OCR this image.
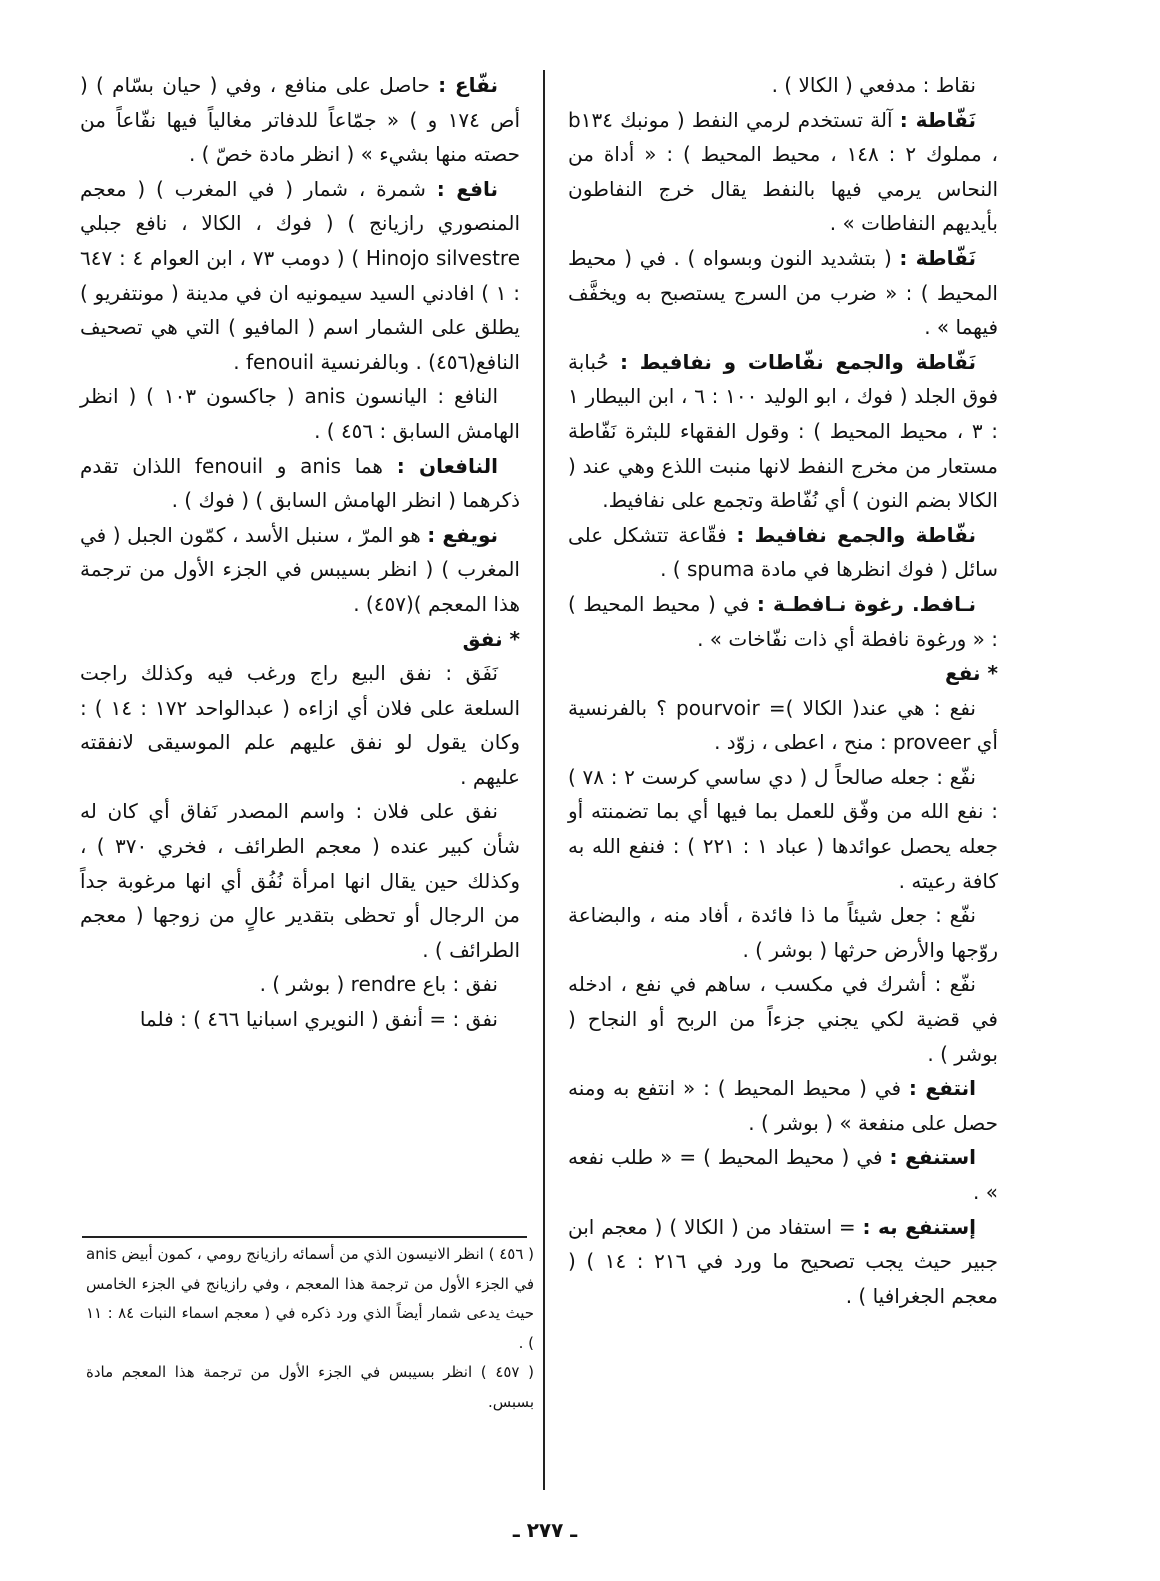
نقاط : مدفعي ( الكالا ) .

نَفّاطة : آلة تستخدم لرمي النفط ( مونبك b۱۳٤ ، مملوك ۲ : ۱٤۸ ، محيط المحيط ) : « أداة من النحاس يرمي فيها بالنفط يقال خرج النفاطون بأيديهم النفاطات » .

نَفّاطة : ( بتشديد النون وبسواه ) . في ( محيط المحيط ) : « ضرب من السرج يستصبح به ويخفَّف فيهما » .

نَفّاطة والجمع نفّاطات و نفافيط : حُبابة فوق الجلد ( فوك ، ابو الوليد ۱۰۰ : ٦ ، ابن البيطار ۱ : ۳ ، محيط المحيط ) : وقول الفقهاء للبثرة نَفّاطة مستعار من مخرج النفط لانها منبت اللذع وهي عند ( الكالا بضم النون ) أي نُفّاطة وتجمع على نفافيط.

نفّاطة والجمع نفافيط : فقّاعة تتشكل على سائل ( فوك انظرها في مادة spuma ) .

نـافط. رغوة نـافطـة : في ( محيط المحيط ) : « ورغوة نافطة أي ذات نفّاخات » .

* نفع

نفع : هي عند( الكالا )= pourvoir ؟ بالفرنسية أي proveer : منح ، اعطى ، زوّد .

نفّع : جعله صالحاً ل ( دي ساسي كرست ۲ : ۷۸ ) : نفع الله من وفّق للعمل بما فيها أي بما تضمنته أو جعله يحصل عوائدها ( عباد ۱ : ۲۲۱ ) : فنفع الله به كافة رعيته .

نفّع : جعل شيئاً ما ذا فائدة ، أفاد منه ، والبضاعة روّجها والأرض حرثها ( بوشر ) .

نفّع : أشرك في مكسب ، ساهم في نفع ، ادخله في قضية لكي يجني جزءاً من الربح أو النجاح ( بوشر ) .

انتفع : في ( محيط المحيط ) : « انتفع به ومنه حصل على منفعة » ( بوشر ) .

استنفع : في ( محيط المحيط ) = « طلب نفعه » .

إستنفع به : = استفاد من ( الكالا ) ( معجم ابن جبير حيث يجب تصحيح ما ورد في ۲۱٦ : ۱٤ ) ( معجم الجغرافيا ) .

نفّاع : حاصل على منافع ، وفي ( حيان بسّام ) ( أص ۱۷٤ و ) « جمّاعاً للدفاتر مغالياً فيها نفّاعاً من حصته منها بشيء » ( انظر مادة خصّ ) .

نافع : شمرة ، شمار ( في المغرب ) ( معجم المنصوري رازيانج ) ( فوك ، الكالا ، نافع جبلي Hinojo silvestre ) ( دومب ۷۳ ، ابن العوام ٤ : ٦٤۷ : ۱ ) افادني السيد سيمونيه ان في مدينة ( مونتفريو ) يطلق على الشمار اسم ( المافيو ) التي هي تصحيف النافع(٤٥٦) . وبالفرنسية fenouil .

النافع : اليانسون anis ( جاكسون ۱۰۳ ) ( انظر الهامش السابق : ٤٥٦ ) .

النافعان : هما anis و fenouil اللذان تقدم ذكرهما ( انظر الهامش السابق ) ( فوك ) .

نويفع : هو المرّ ، سنبل الأسد ، كمّون الجبل ( في المغرب ) ( انظر بسيبس في الجزء الأول من ترجمة هذا المعجم )(٤٥٧) .

* نفق

نَفَق : نفق البيع راج ورغب فيه وكذلك راجت السلعة على فلان أي ازاءه ( عبدالواحد ۱۷۲ : ۱٤ ) : وكان يقول لو نفق عليهم علم الموسيقى لانفقته عليهم .

نفق على فلان : واسم المصدر نَفاق أي كان له شأن كبير عنده ( معجم الطرائف ، فخري ۳۷۰ ) ، وكذلك حين يقال انها امرأة نُفُق أي انها مرغوبة جداً من الرجال أو تحظى بتقدير عالٍ من زوجها ( معجم الطرائف ) .

نفق : باع rendre ( بوشر ) .

نفق : = أنفق ( النويري اسبانيا ٤٦٦ ) : فلما

( ٤٥٦ ) انظر الانيسون الذي من أسمائه رازيانج رومي ، كمون أبيض anis في الجزء الأول من ترجمة هذا المعجم ، وفي رازيانج في الجزء الخامس حيث يدعى شمار أيضاً الذي ورد ذكره في ( معجم اسماء النبات ۸٤ : ۱۱ ) .

( ٤٥۷ ) انظر بسيبس في الجزء الأول من ترجمة هذا المعجم مادة بسبس.

ـ ۲۷۷ ـ
